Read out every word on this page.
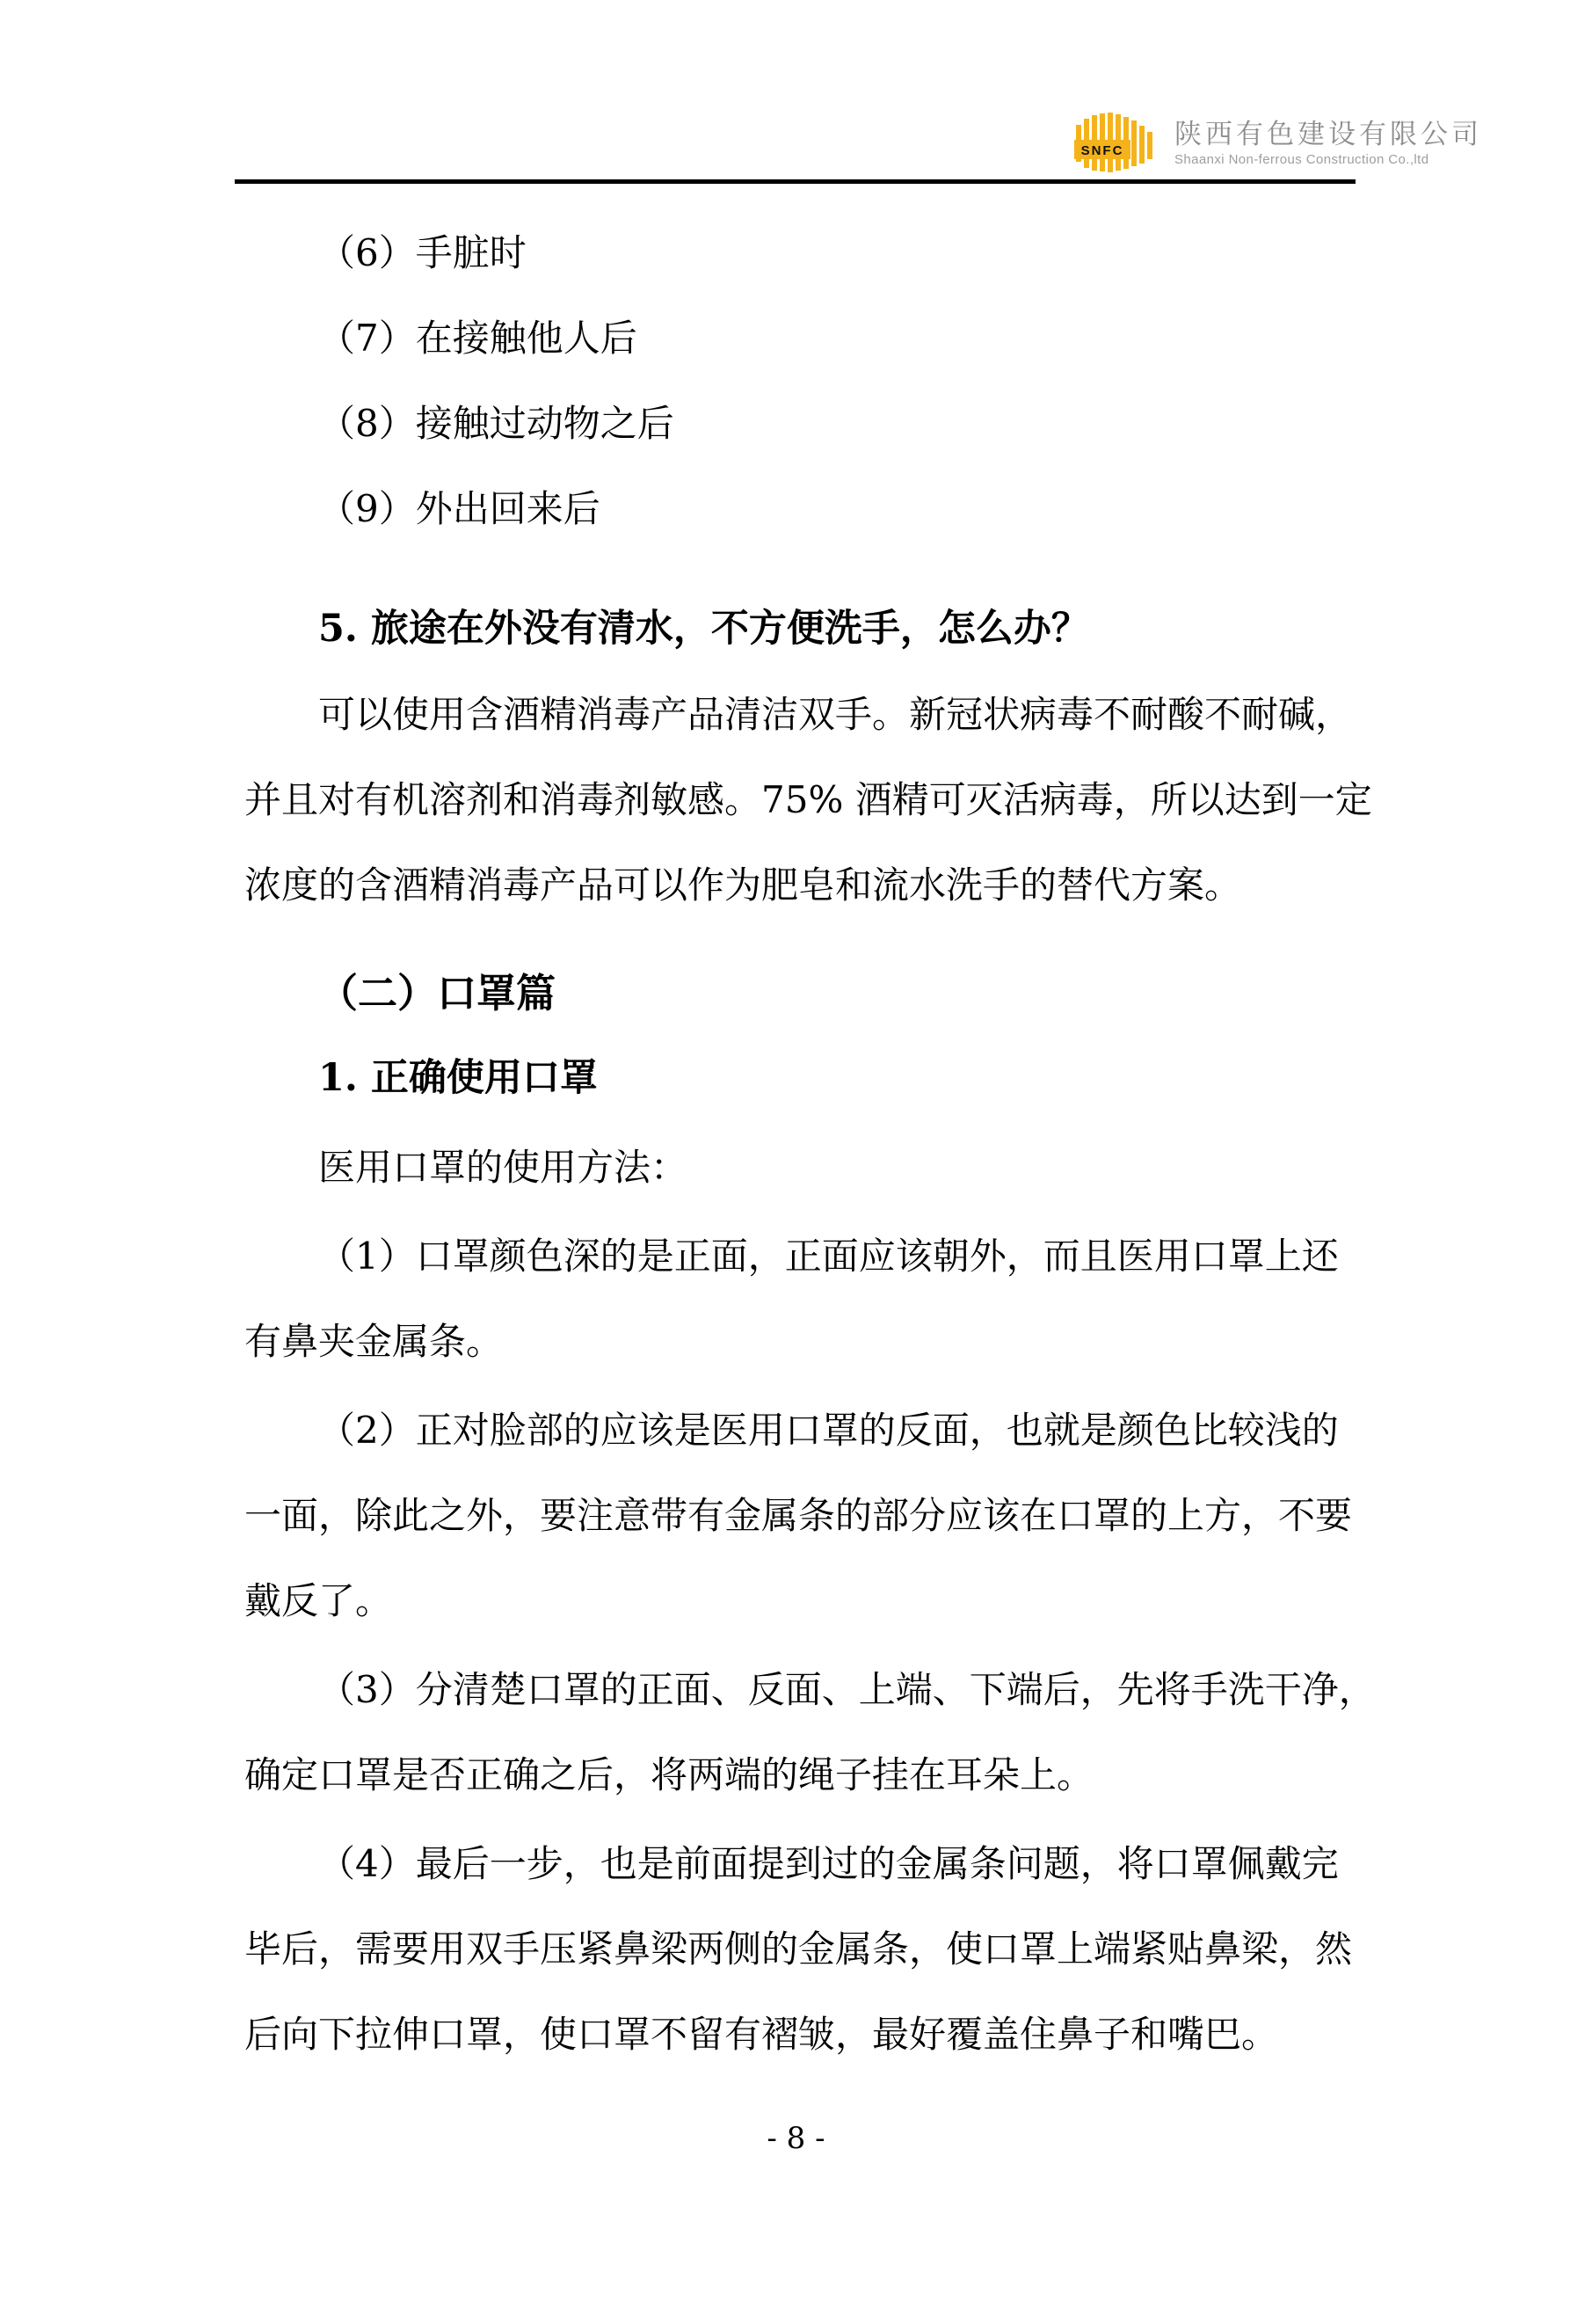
SNFC
陕西有色建设有限公司
Shaanxi Non-ferrous Construction Co.,ltd
（6）手脏时
（7）在接触他人后
（8）接触过动物之后
（9）外出回来后
5. 旅途在外没有清水，不方便洗手，怎么办？
可以使用含酒精消毒产品清洁双手。新冠状病毒不耐酸不耐碱，
并且对有机溶剂和消毒剂敏感。75% 酒精可灭活病毒，所以达到一定
浓度的含酒精消毒产品可以作为肥皂和流水洗手的替代方案。
（二）口罩篇
1. 正确使用口罩
医用口罩的使用方法：
（1）口罩颜色深的是正面，正面应该朝外，而且医用口罩上还
有鼻夹金属条。
（2）正对脸部的应该是医用口罩的反面，也就是颜色比较浅的
一面，除此之外，要注意带有金属条的部分应该在口罩的上方，不要
戴反了。
（3）分清楚口罩的正面、反面、上端、下端后，先将手洗干净，
确定口罩是否正确之后，将两端的绳子挂在耳朵上。
（4）最后一步，也是前面提到过的金属条问题，将口罩佩戴完
毕后，需要用双手压紧鼻梁两侧的金属条，使口罩上端紧贴鼻梁，然
后向下拉伸口罩，使口罩不留有褶皱，最好覆盖住鼻子和嘴巴。
- 8 -
